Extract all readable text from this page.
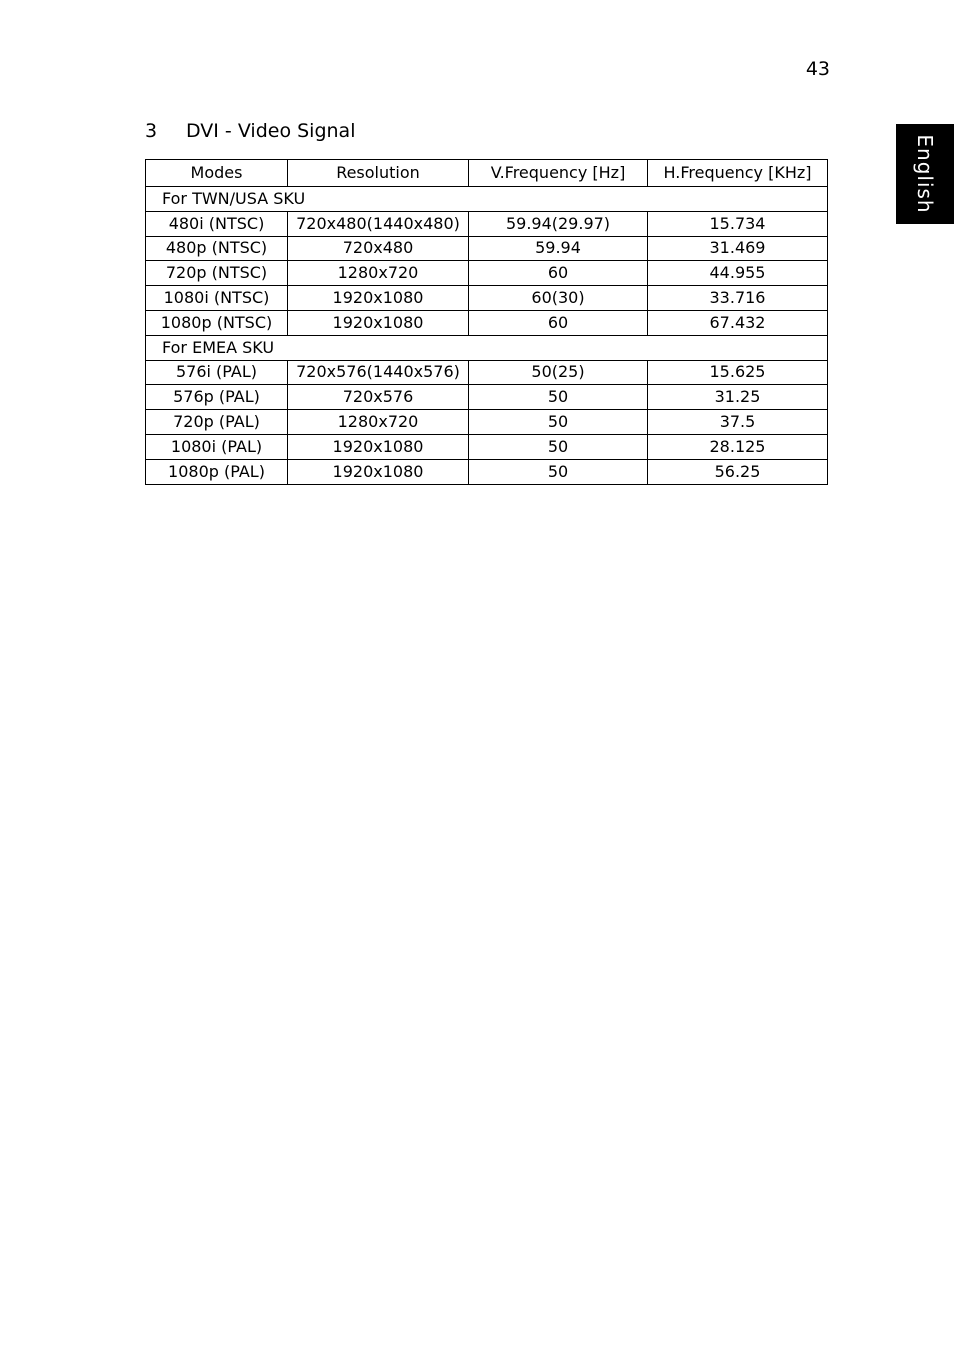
43
English
3 DVI - Video Signal
Modes	Resolution	V.Frequency [Hz]	H.Frequency [KHz]
For TWN/USA SKU			
480i (NTSC)	720x480(1440x480)	59.94(29.97)	15.734
480p (NTSC)	720x480	59.94	31.469
720p (NTSC)	1280x720	60	44.955
1080i (NTSC)	1920x1080	60(30)	33.716
1080p (NTSC)	1920x1080	60	67.432
For EMEA SKU			
576i (PAL)	720x576(1440x576)	50(25)	15.625
576p (PAL)	720x576	50	31.25
720p (PAL)	1280x720	50	37.5
1080i (PAL)	1920x1080	50	28.125
1080p (PAL)	1920x1080	50	56.25
